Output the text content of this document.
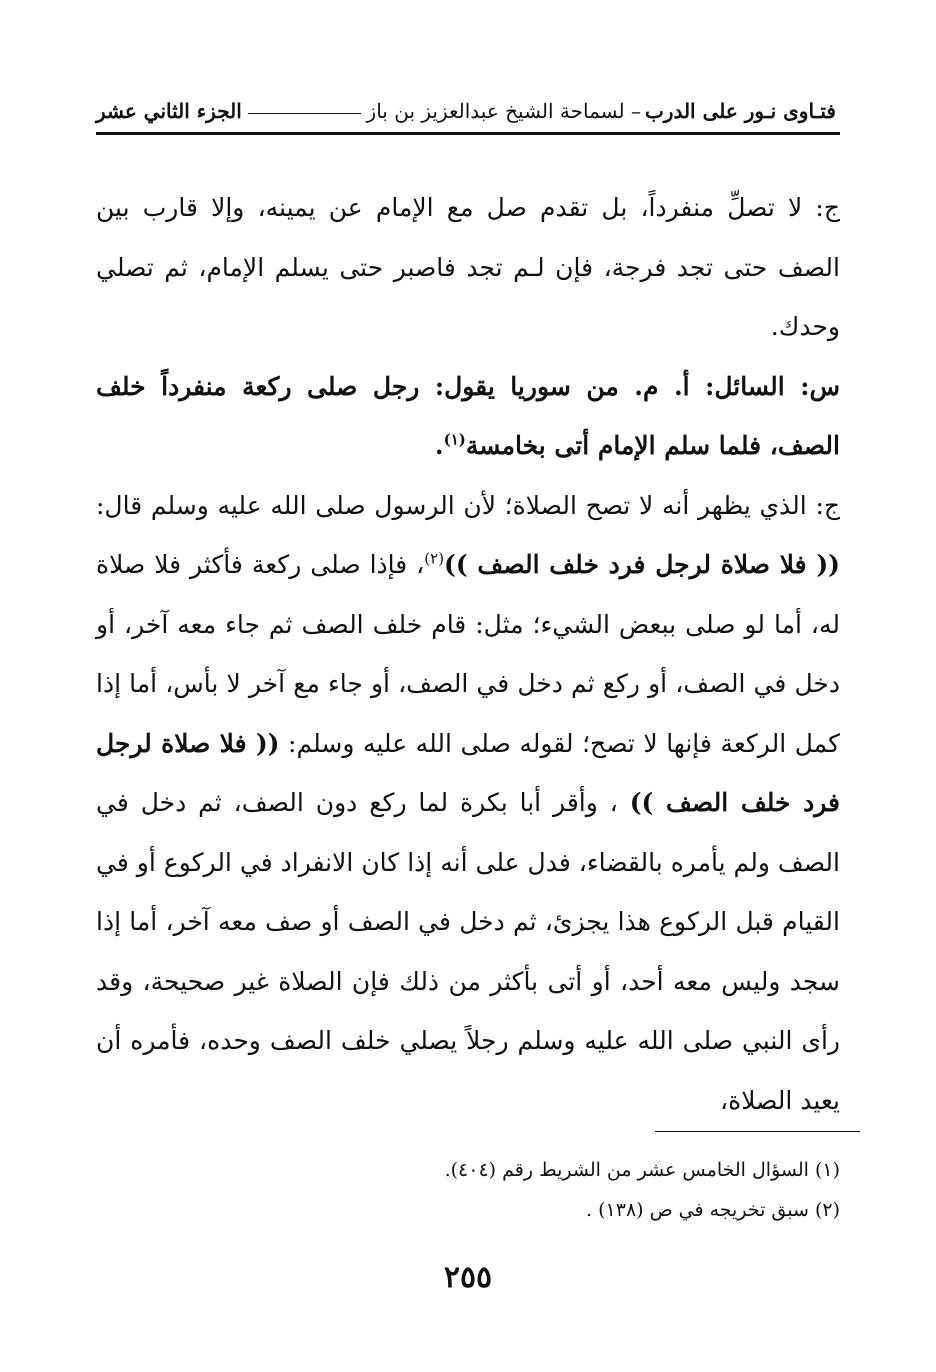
فتـاوى نـور على الدرب
– لسماحة الشيخ عبدالعزيز بن باز
الجزء الثاني عشر

ج: لا تصلِّ منفرداً، بل تقدم صل مع الإمام عن يمينه، وإلا قارب بين الصف حتى تجد فرجة، فإن لـم تجد فاصبر حتى يسلم الإمام، ثم تصلي وحدك.

س: السائل: أ. م. من سوريا يقول: رجل صلى ركعة منفرداً خلف الصف، فلما سلم الإمام أتى بخامسة$^{(١)}$.

ج: الذي يظهر أنه لا تصح الصلاة؛ لأن الرسول صلى الله عليه وسلم قال: (( فلا صلاة لرجل فرد خلف الصف ))$^{(٢)}$، فإذا صلى ركعة فأكثر فلا صلاة له، أما لو صلى ببعض الشيء؛ مثل: قام خلف الصف ثم جاء معه آخر، أو دخل في الصف، أو ركع ثم دخل في الصف، أو جاء مع آخر لا بأس، أما إذا كمل الركعة فإنها لا تصح؛ لقوله صلى الله عليه وسلم: (( فلا صلاة لرجل فرد خلف الصف )) ، وأقر أبا بكرة لما ركع دون الصف، ثم دخل في الصف ولم يأمره بالقضاء، فدل على أنه إذا كان الانفراد في الركوع أو في القيام قبل الركوع هذا يجزئ، ثم دخل في الصف أو صف معه آخر، أما إذا سجد وليس معه أحد، أو أتى بأكثر من ذلك فإن الصلاة غير صحيحة، وقد رأى النبي صلى الله عليه وسلم رجلاً يصلي خلف الصف وحده، فأمره أن يعيد الصلاة،

(١) السؤال الخامس عشر من الشريط رقم (٤٠٤).
(٢) سبق تخريجه في ص (١٣٨) .
٢٥٥
